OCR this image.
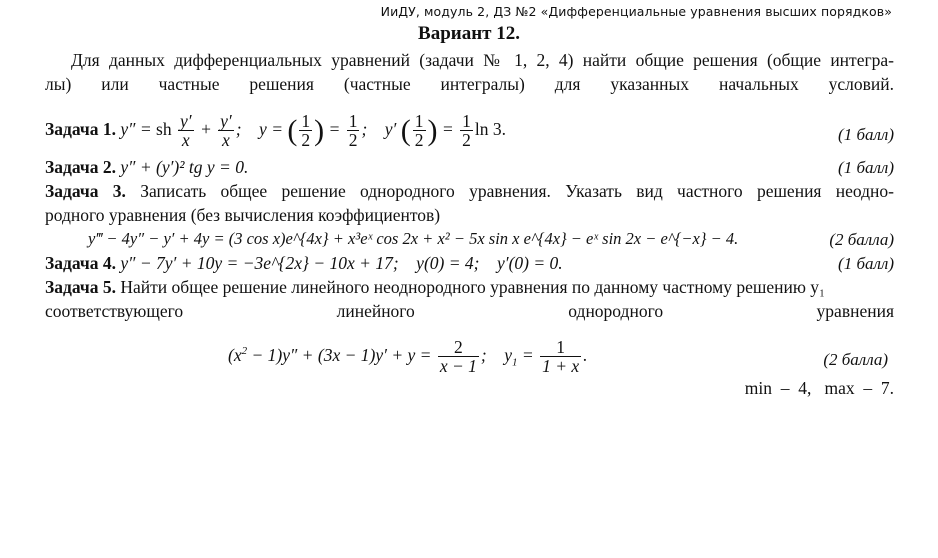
ИиДУ, модуль 2, ДЗ №2 «Дифференциальные уравнения высших порядков»
Вариант 12.
Для данных дифференциальных уравнений (задачи № 1, 2, 4) найти общие решения (общие интегра-
лы) или частные решения (частные интегралы) для указанных начальных условий.
Задача 1. y″ = sh $\frac{y'}{x} + \frac{y'}{x}$ ;    y = ( $\frac{1}{2}$ ) = $\frac{1}{2}$ ;    y′ ( $\frac{1}{2}$ ) = $\frac{1}{2}$ ln 3.	(1 балл)
Задача 2. y″ + (y′)² tg y = 0.	(1 балл)
Задача 3. Записать общее решение однородного уравнения. Указать вид частного решения неодно-
родного уравнения (без вычисления коэффициентов)
y‴ − 4y″ − y′ + 4y = (3 cos x)e^{4x} + x³eˣ cos 2x + x² − 5x sin x e^{4x} − eˣ sin 2x − e^{−x} − 4.	(2 балла)
Задача 4. y″ − 7y′ + 10y = −3e^{2x} − 10x + 17;    y(0) = 4;    y′(0) = 0.	(1 балл)
Задача 5. Найти общее решение линейного неоднородного уравнения по данному частному решению y₁
соответствующего линейного однородного уравнения
$(x^2 - 1)y'' + (3x - 1)y' + y = \frac{2}{x - 1}$ ;    $y_1 = \frac{1}{1 + x}$ .	(2 балла)
min  –  4,   max  –  7.
